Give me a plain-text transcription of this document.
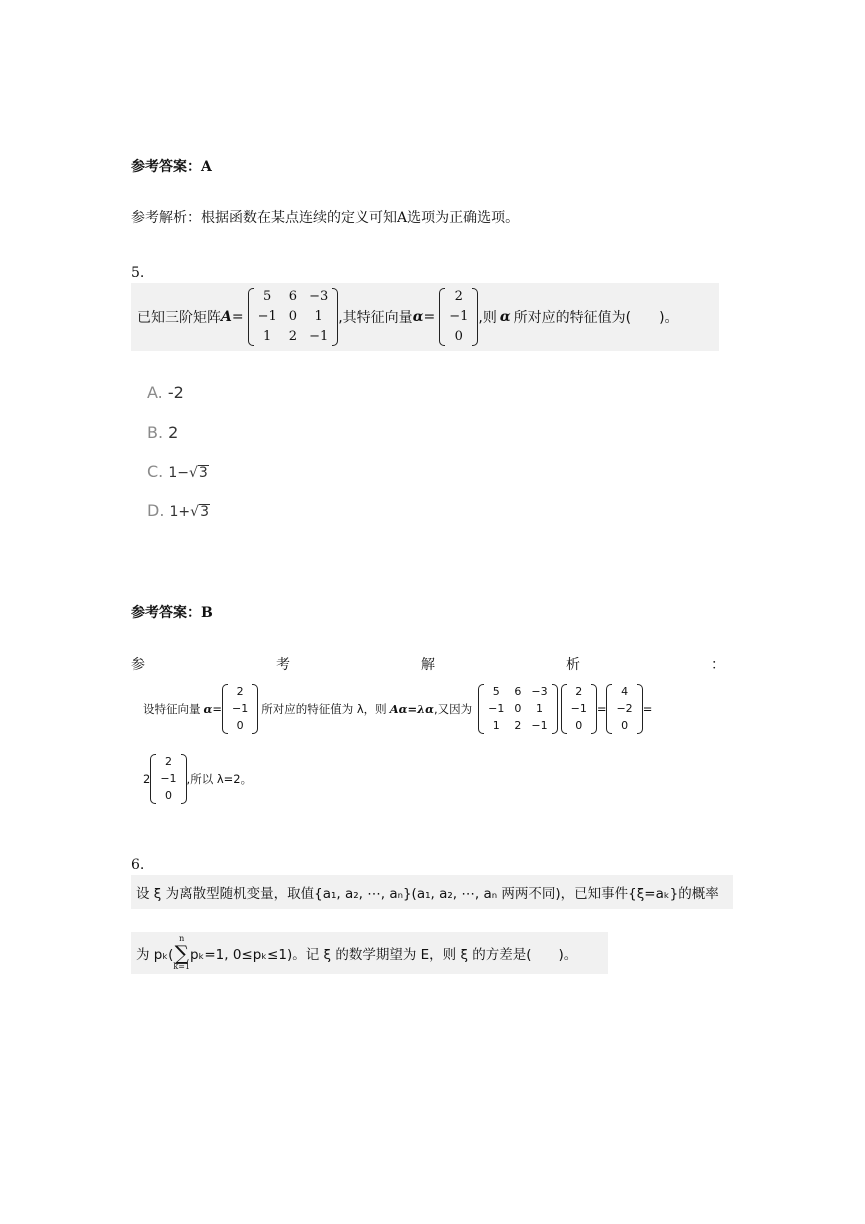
参考答案：A
参考解析：根据函数在某点连续的定义可知A选项为正确选项。
5.
已知三阶矩阵 A =
5	6 −3
−1 0	1
1	2 −1
,其特征向量 α =
2
−1
0
,则 α 所对应的特征值为(　　)。
A. -2
B. 2
C. 1−√3
D. 1+√3
参考答案：B
参	考	解	析	：
设特征向量 α =
2
−1
0
所对应的特征值为 λ，则 Aα=λα ,又因为
5	6 −3
−1 0	1
1	2 −1
2
−1
0
=
4
−2
0
=
2
2
−1
0
,所以 λ=2。
6.
设 ξ 为离散型随机变量，取值{a₁, a₂, ⋯, aₙ}(a₁, a₂, ⋯, aₙ 两两不同)，已知事件{ξ=aₖ}的概率
为 pₖ(
n
∑
k=1
pₖ=1, 0≤pₖ≤1)。记 ξ 的数学期望为 E，则 ξ 的方差是(　　)。
